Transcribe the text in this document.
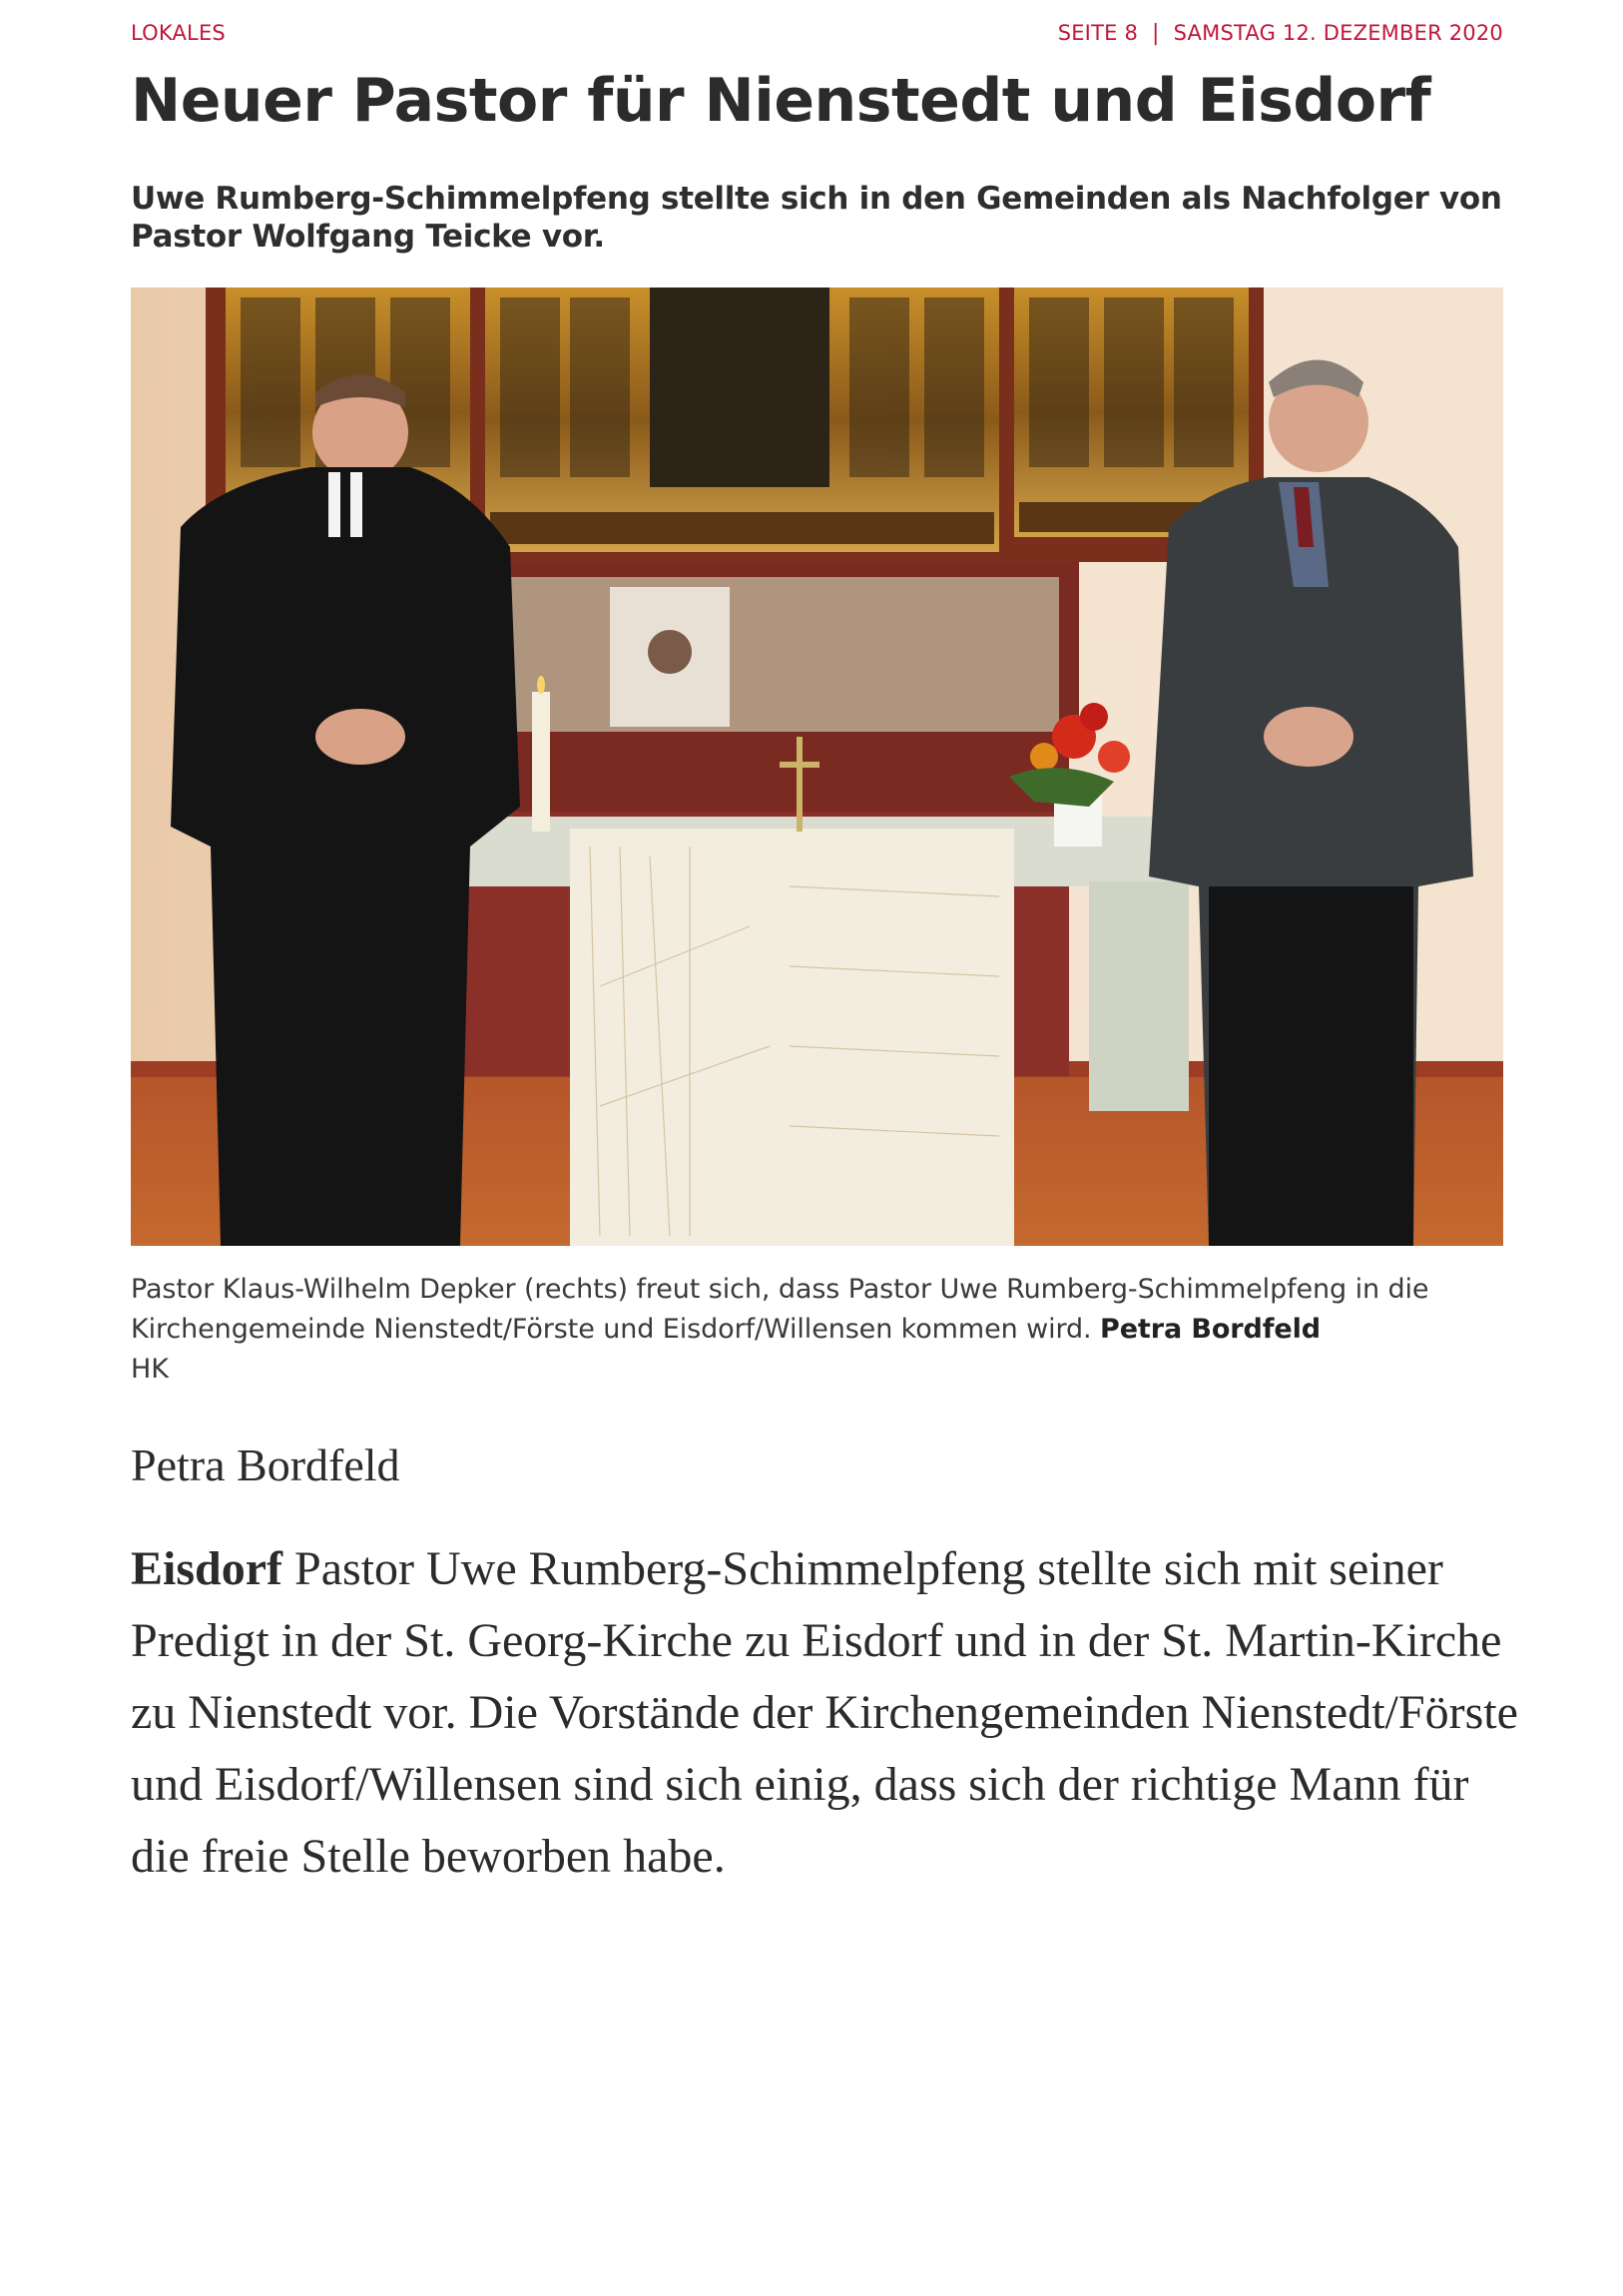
LOKALES	SEITE 8 | SAMSTAG 12. DEZEMBER 2020
Neuer Pastor für Nienstedt und Eisdorf
Uwe Rumberg-Schimmelpfeng stellte sich in den Gemeinden als Nachfolger von Pastor Wolfgang Teicke vor.
Pastor Klaus-Wilhelm Depker (rechts) freut sich, dass Pastor Uwe Rumberg-Schimmelpfeng in die Kirchengemeinde Nienstedt/Förste und Eisdorf/Willensen kommen wird. Petra Bordfeld
HK
Petra Bordfeld

Eisdorf Pastor Uwe Rumberg-Schimmelpfeng stellte sich mit seiner Predigt in der St. Georg-Kirche zu Eisdorf und in der St. Martin-Kirche zu Nienstedt vor. Die Vorstände der Kirchengemeinden Nienstedt/Förste und Eisdorf/Willensen sind sich einig, dass sich der richtige Mann für die freie Stelle beworben habe.
